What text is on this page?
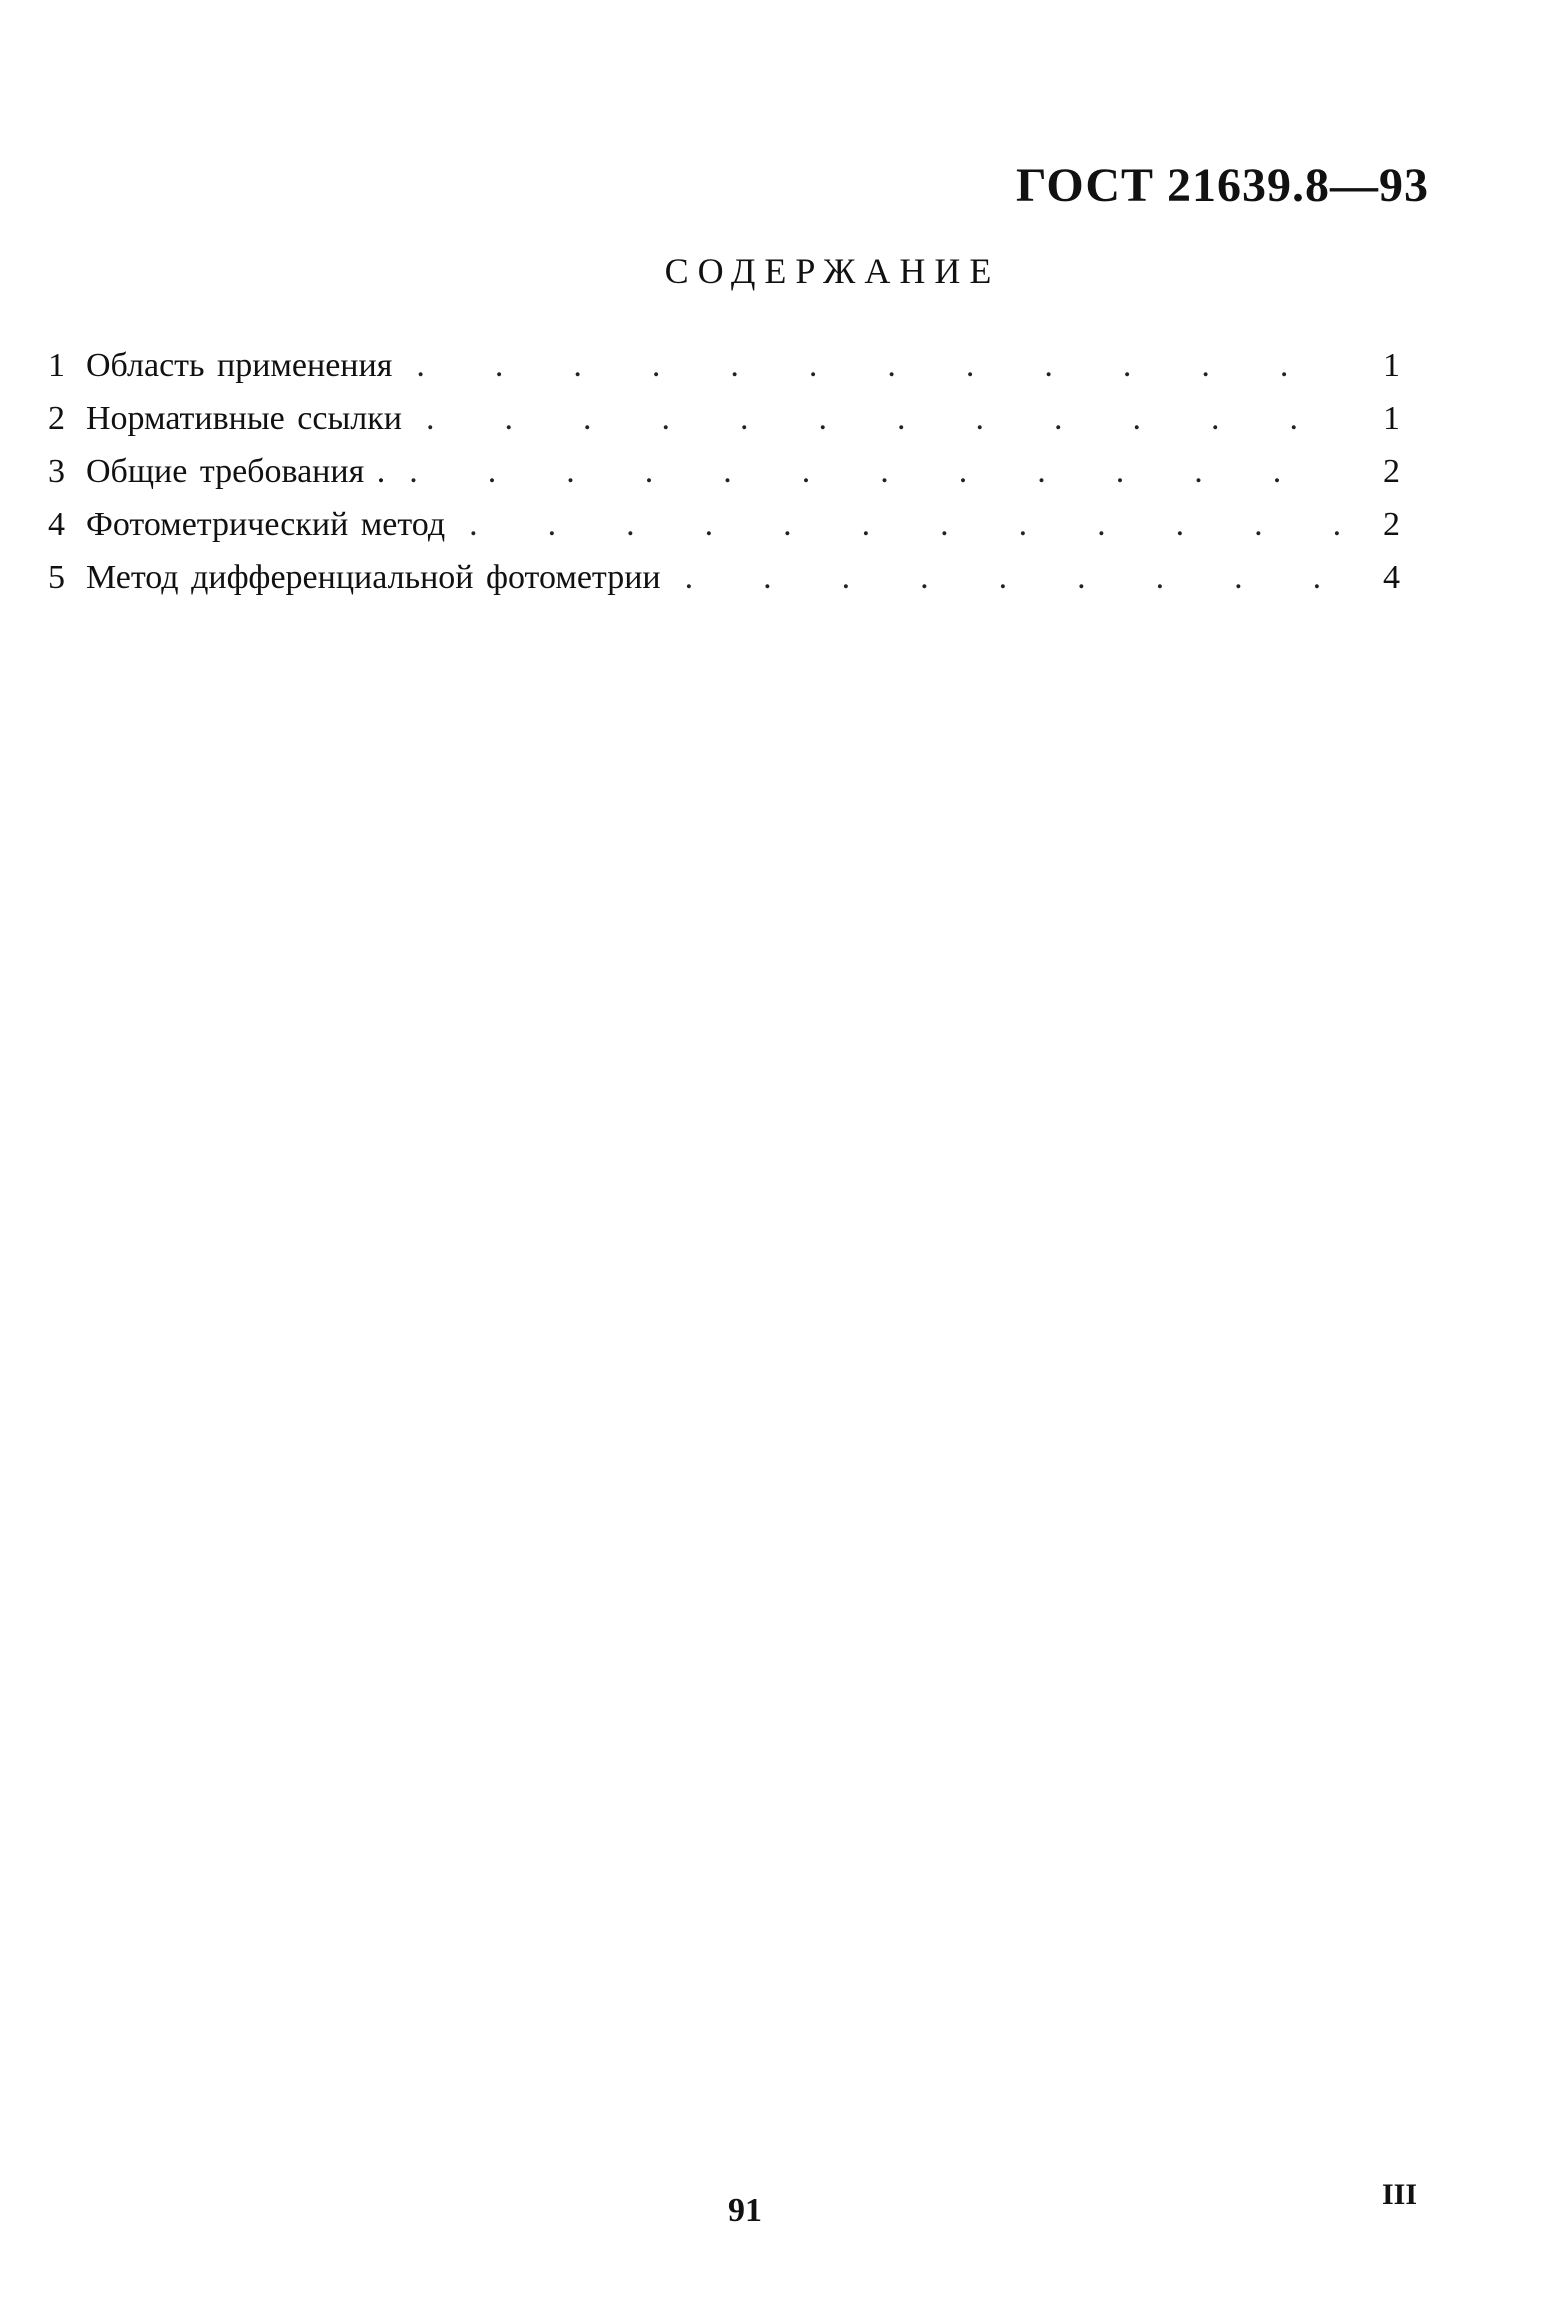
ГОСТ 21639.8—93
СОДЕРЖАНИЕ
1 Область применения .....	1
2 Нормативные ссылки .....	1
3 Общие требования . .....	2
4 Фотометрический метод .....	2
5 Метод дифференциальной фотометрии .....	4
91	III
